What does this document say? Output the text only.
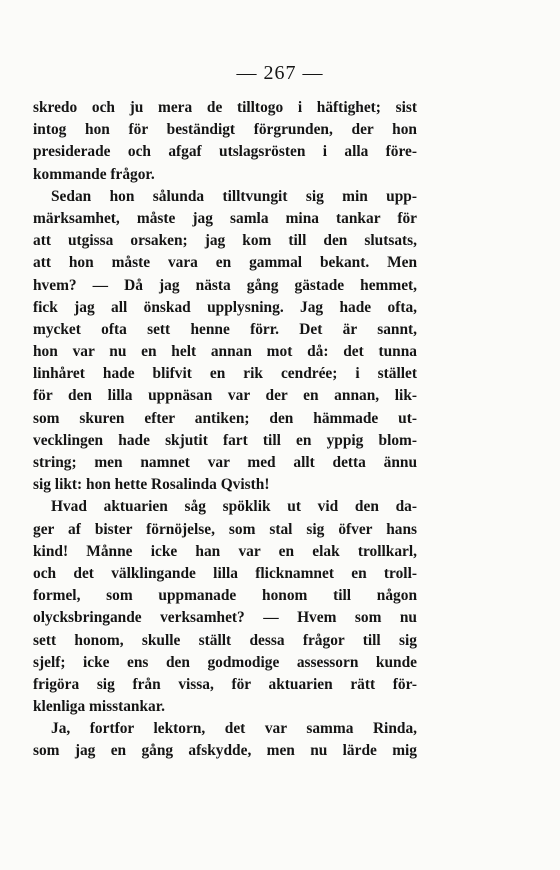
— 267 —
skredo och ju mera de tilltogo i häftighet; sist
intog hon för beständigt förgrunden, der hon
presiderade och afgaf utslagsrösten i alla före-
kommande frågor.
Sedan hon sålunda tilltvungit sig min upp-
märksamhet, måste jag samla mina tankar för
att utgissa orsaken; jag kom till den slutsats,
att hon måste vara en gammal bekant. Men
hvem? — Då jag nästa gång gästade hemmet,
fick jag all önskad upplysning. Jag hade ofta,
mycket ofta sett henne förr. Det är sannt,
hon var nu en helt annan mot då: det tunna
linhåret hade blifvit en rik cendrée; i stället
för den lilla uppnäsan var der en annan, lik-
som skuren efter antiken; den hämmade ut-
vecklingen hade skjutit fart till en yppig blom-
string; men namnet var med allt detta ännu
sig likt: hon hette Rosalinda Qvisth!
Hvad aktuarien såg spöklik ut vid den da-
ger af bister förnöjelse, som stal sig öfver hans
kind! Månne icke han var en elak trollkarl,
och det välklingande lilla flicknamnet en troll-
formel, som uppmanade honom till någon
olycksbringande verksamhet? — Hvem som nu
sett honom, skulle ställt dessa frågor till sig
sjelf; icke ens den godmodige assessorn kunde
frigöra sig från vissa, för aktuarien rätt för-
klenliga misstankar.
Ja, fortfor lektorn, det var samma Rinda,
som jag en gång afskydde, men nu lärde mig
